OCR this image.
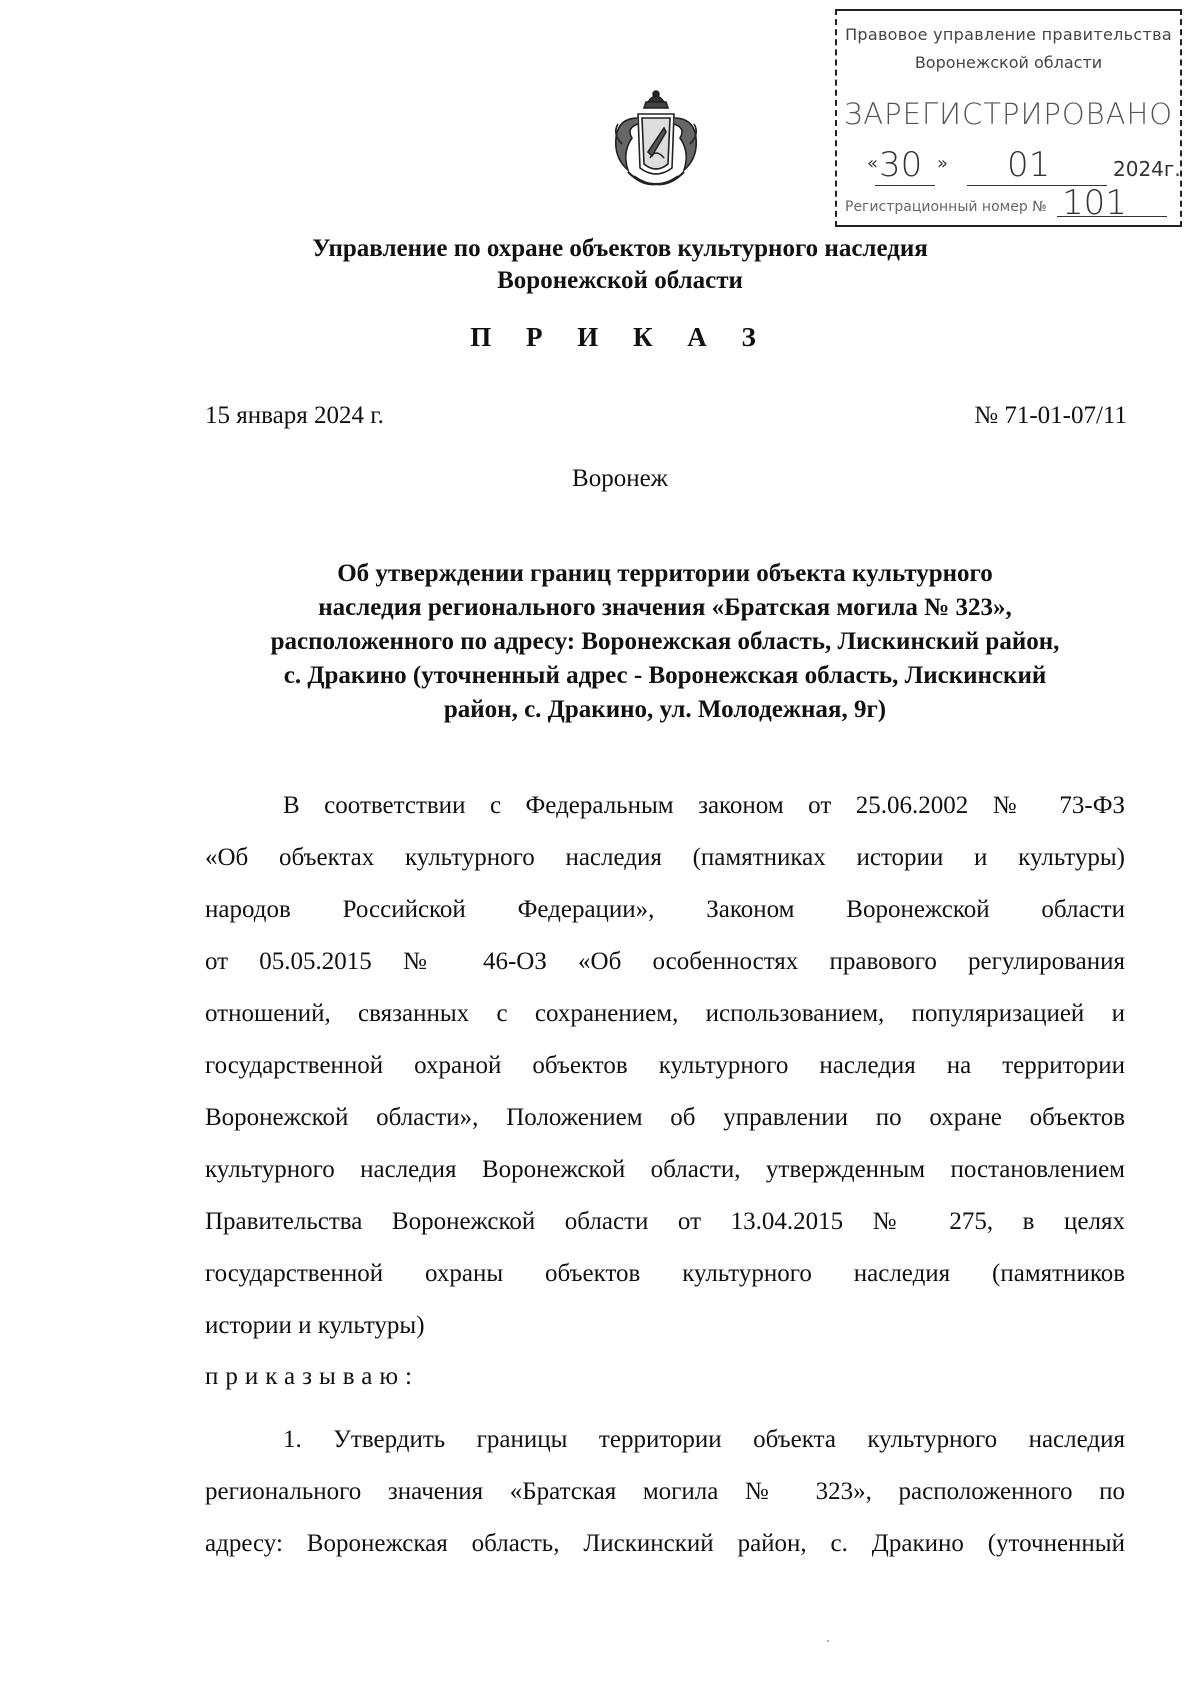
Правовое управление правительства
Воронежской области
ЗАРЕГИСТРИРОВАНО
« 30 » 01	2024г.
Регистрационный номер № 101
Управление по охране объектов культурного наследия
Воронежской области
П Р И К А З
15 января 2024 г.	№ 71-01-07/11
Воронеж
Об утверждении границ территории объекта культурного
наследия регионального значения «Братская могила № 323»,
расположенного по адресу: Воронежская область, Лискинский район,
с. Дракино (уточненный адрес - Воронежская область, Лискинский
район, с. Дракино, ул. Молодежная, 9г)
В соответствии с Федеральным законом от 25.06.2002 № 73-ФЗ
«Об объектах культурного наследия (памятниках истории и культуры)
народов Российской Федерации», Законом Воронежской области
от 05.05.2015 № 46-ОЗ «Об особенностях правового регулирования
отношений, связанных с сохранением, использованием, популяризацией и
государственной охраной объектов культурного наследия на территории
Воронежской области», Положением об управлении по охране объектов
культурного наследия Воронежской области, утвержденным постановлением
Правительства Воронежской области от 13.04.2015 № 275, в целях
государственной охраны объектов культурного наследия (памятников
истории и культуры)
приказываю:
1. Утвердить границы территории объекта культурного наследия
регионального значения «Братская могила № 323», расположенного по
адресу: Воронежская область, Лискинский район, с. Дракино (уточненный
